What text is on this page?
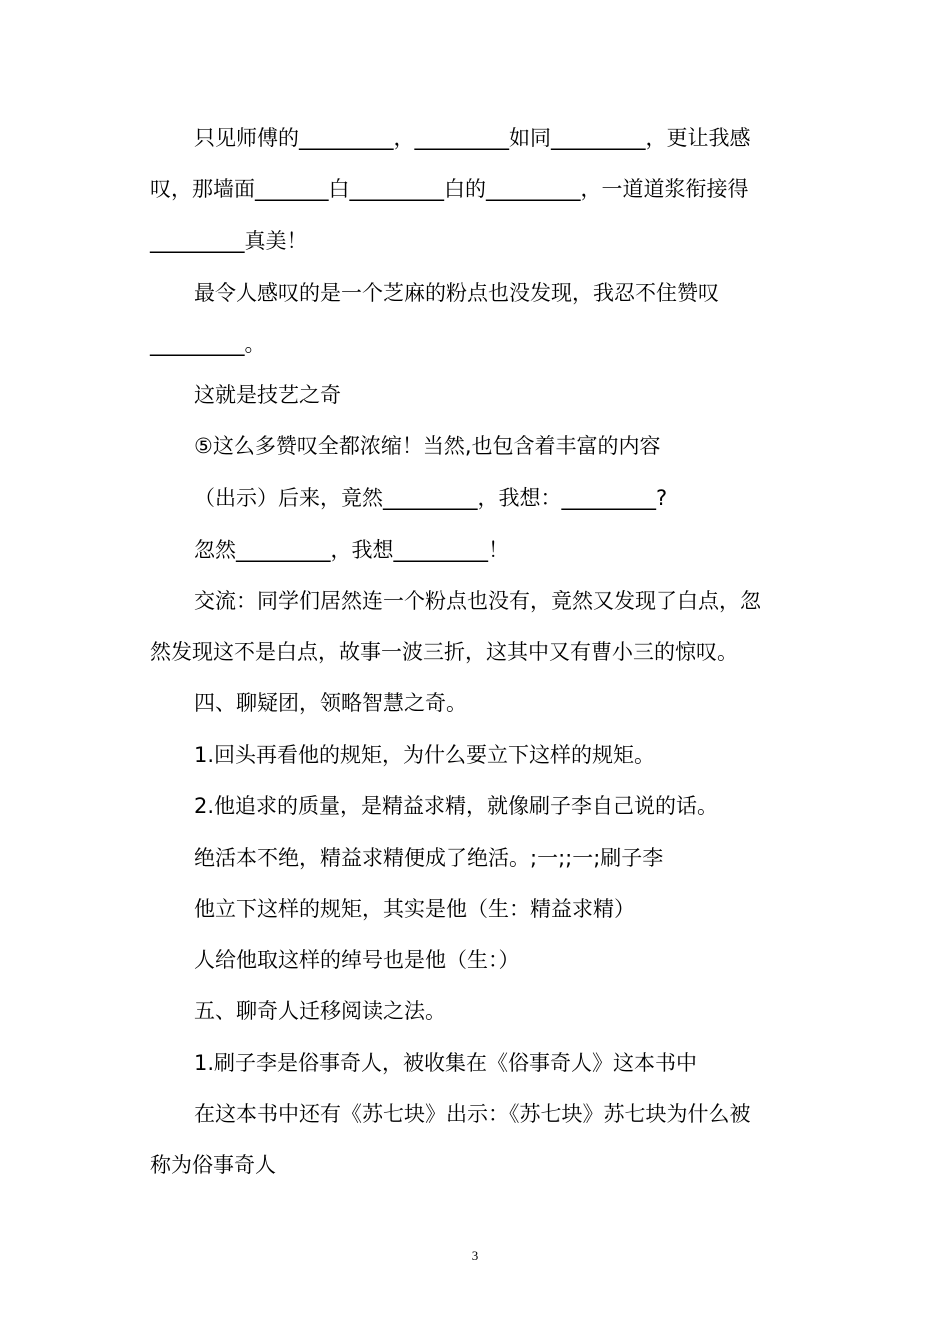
只见师傅的_________，_________如同_________，更让我感
叹，那墙面_______白_________白的_________，一道道浆衔接得
_________真美！
最令人感叹的是一个芝麻的粉点也没发现，我忍不住赞叹
_________。
这就是技艺之奇
⑤这么多赞叹全都浓缩！当然,也包含着丰富的内容
（出示）后来，竟然_________，我想：_________?
忽然_________，我想_________！
交流：同学们居然连一个粉点也没有，竟然又发现了白点，忽
然发现这不是白点，故事一波三折，这其中又有曹小三的惊叹。
四、聊疑团，领略智慧之奇。
1.回头再看他的规矩，为什么要立下这样的规矩。
2.他追求的质量，是精益求精，就像刷子李自己说的话。
绝活本不绝，精益求精便成了绝活。;一;;一;刷子李
他立下这样的规矩，其实是他（生：精益求精）
人给他取这样的绰号也是他（生：）
五、聊奇人迁移阅读之法。
1.刷子李是俗事奇人，被收集在《俗事奇人》这本书中
在这本书中还有《苏七块》出示：《苏七块》苏七块为什么被
称为俗事奇人
3
